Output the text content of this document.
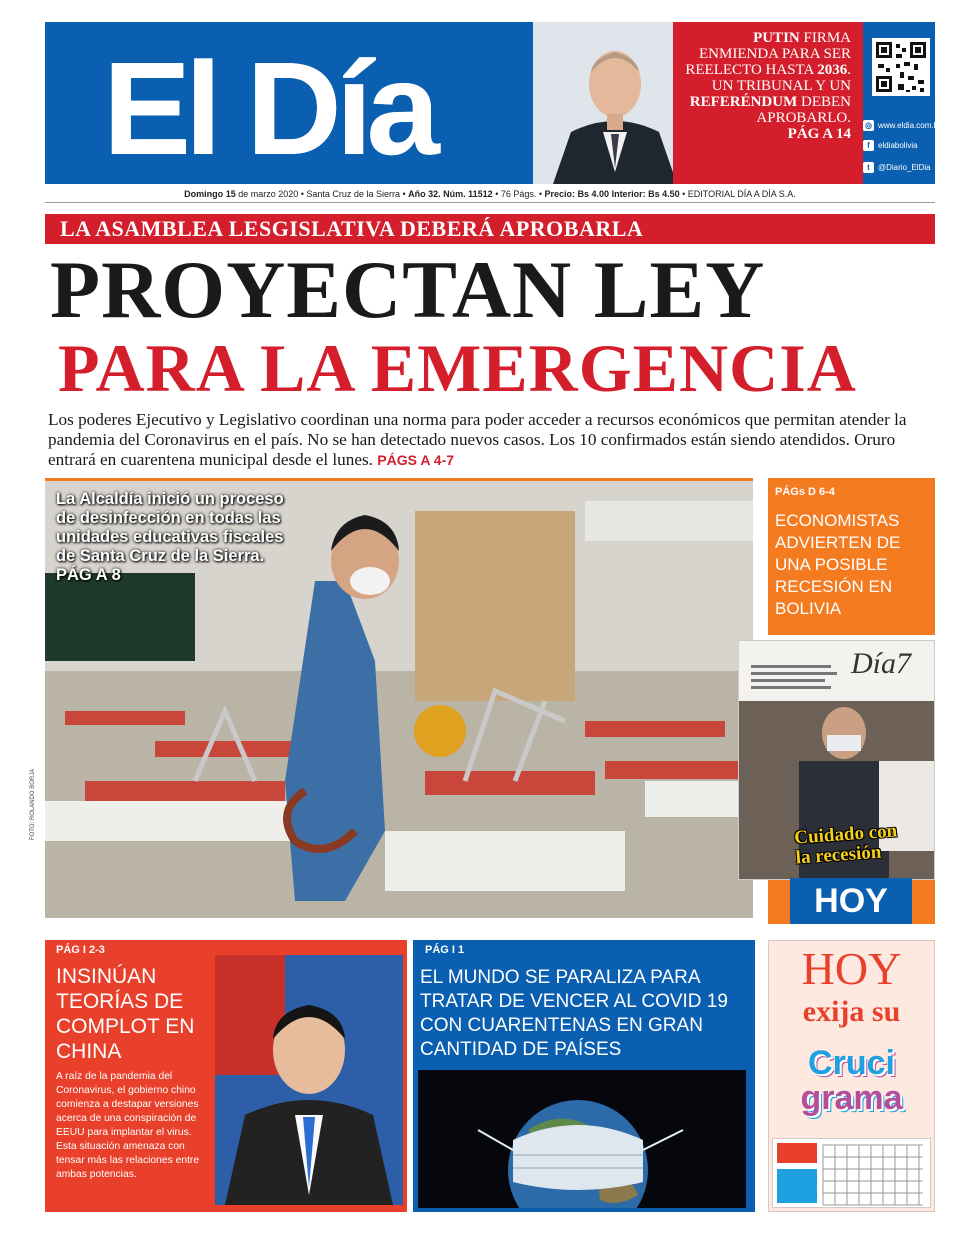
El Día	PUTIN FIRMA ENMIENDA PARA SER REELECTO HASTA 2036. UN TRIBUNAL Y UN REFERÉNDUM DEBEN APROBARLO.
PÁG A 14
◎ www.eldia.com.bo
f	eldiabolivia
t	@Diario_ElDia
Domingo 15 de marzo 2020 • Santa Cruz de la Sierra • Año 32. Núm. 11512 • 76 Págs. • Precio: Bs 4.00 Interior: Bs 4.50 • EDITORIAL DÍA A DÍA S.A.
LA ASAMBLEA LESGISLATIVA DEBERÁ APROBARLA
PROYECTAN LEY
PARA LA EMERGENCIA
Los poderes Ejecutivo y Legislativo coordinan una norma para poder acceder a recursos económicos que permitan atender la pandemia del Coronavirus en el país. No se han detectado nuevos casos. Los 10 confirmados están siendo atendidos. Oruro entrará en cuarentena municipal desde el lunes. PÁGS A 4-7
La Alcaldía inició un proceso de desinfección en todas las unidades educativas fiscales de Santa Cruz de la Sierra. PÁG A 8
FOTO: ROLANDO BORJA
PÁGs D 6-4
ECONOMISTAS ADVIERTEN DE UNA POSIBLE RECESIÓN EN BOLIVIA
Día7
Cuidado con
la recesión
HOY
PÁG I 2-3
INSINÚAN TEORÍAS DE COMPLOT EN CHINA
A raíz de la pandemia del Coronavirus, el gobierno chino comienza a destapar versiones acerca de una conspiración de EEUU para implantar el virus. Esta situación amenaza con tensar más las relaciones entre ambas potencias.
PÁG I 1
EL MUNDO SE PARALIZA PARA TRATAR DE VENCER AL COVID 19 CON CUARENTENAS EN GRAN CANTIDAD DE PAÍSES
HOY
exija su
Cruci
grama
